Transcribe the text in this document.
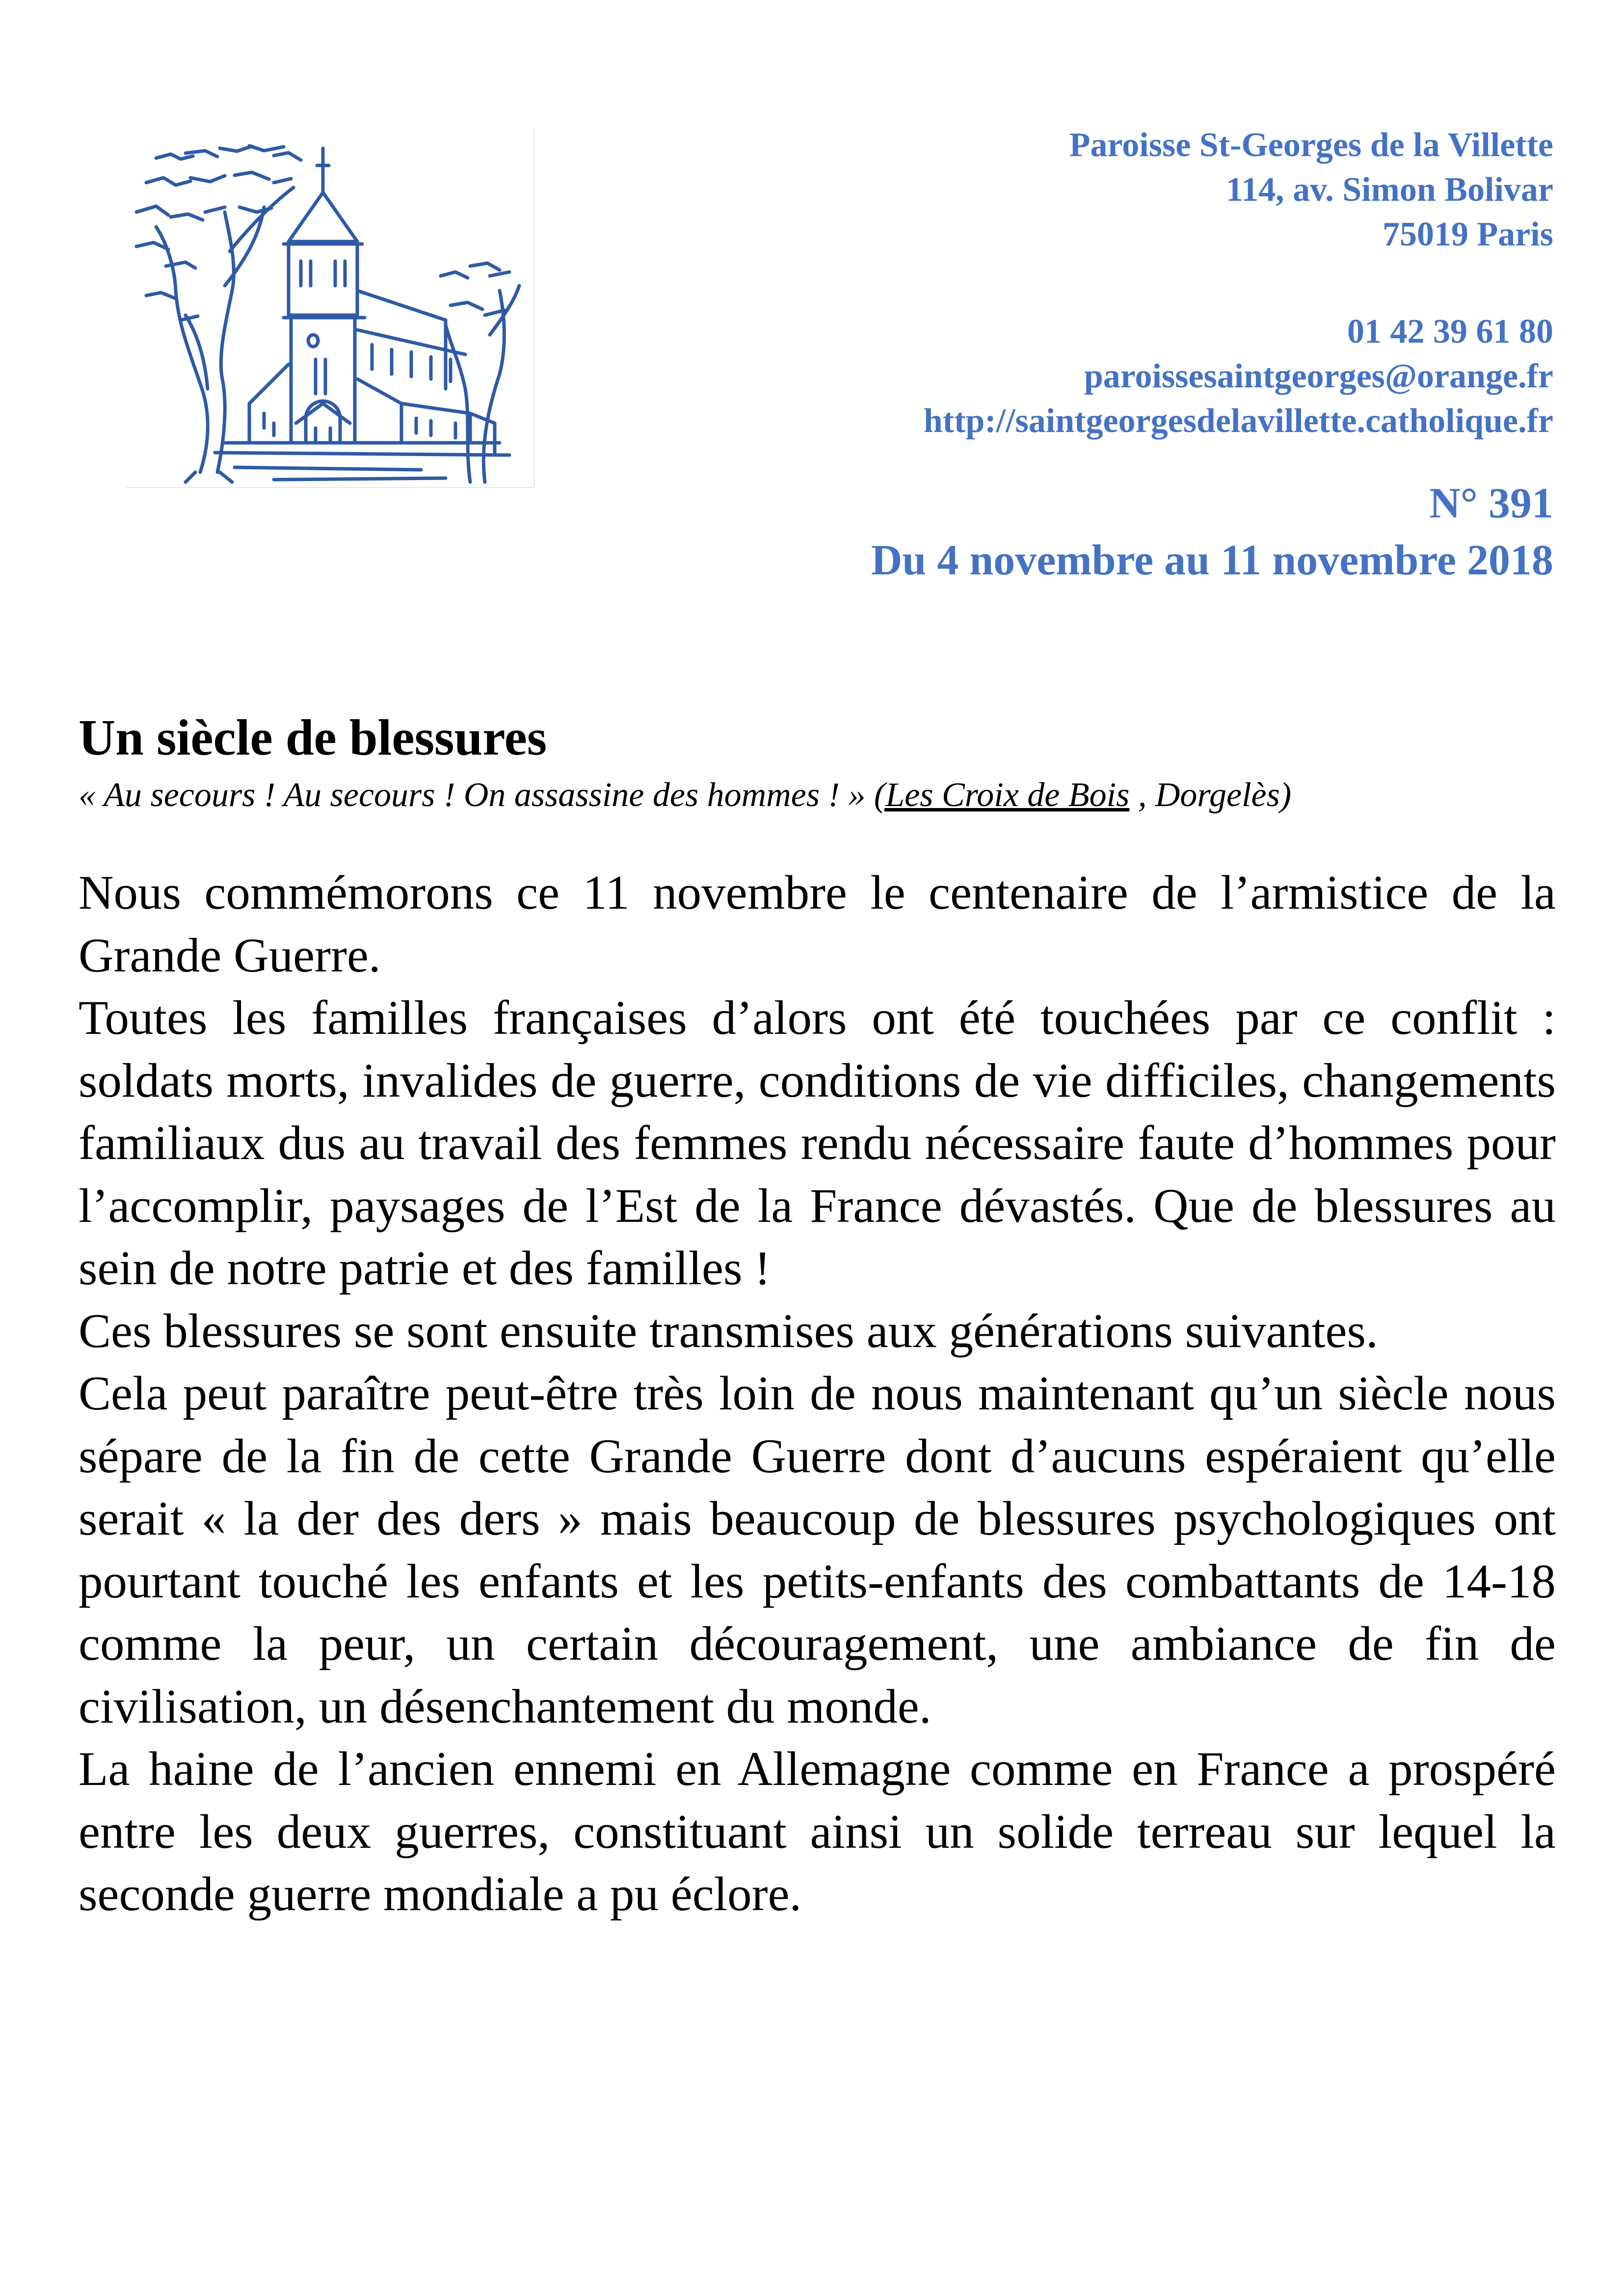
Paroisse St-Georges de la Villette
114, av. Simon Bolivar
75019 Paris
01 42 39 61 80
paroissesaintgeorges@orange.fr
http://saintgeorgesdelavillette.catholique.fr
N° 391
Du 4 novembre au 11 novembre 2018
Un siècle de blessures
« Au secours ! Au secours ! On assassine des hommes ! » (Les Croix de Bois , Dorgelès)

Nous commémorons ce 11 novembre le centenaire de l’armistice de la Grande Guerre.

Toutes les familles françaises d’alors ont été touchées par ce conflit : soldats morts, invalides de guerre, conditions de vie difficiles, changements familiaux dus au travail des femmes rendu nécessaire faute d’hommes pour l’accomplir, paysages de l’Est de la France dévastés. Que de blessures au sein de notre patrie et des familles !

Ces blessures se sont ensuite transmises aux générations suivantes.

Cela peut paraître peut-être très loin de nous maintenant qu’un siècle nous sépare de la fin de cette Grande Guerre dont d’aucuns espéraient qu’elle serait « la der des ders » mais beaucoup de blessures psychologiques ont pourtant touché les enfants et les petits-enfants des combattants de 14-18 comme la peur, un certain découragement, une ambiance de fin de civilisation, un désenchantement du monde.

La haine de l’ancien ennemi en Allemagne comme en France a prospéré entre les deux guerres, constituant ainsi un solide terreau sur lequel la seconde guerre mondiale a pu éclore.
